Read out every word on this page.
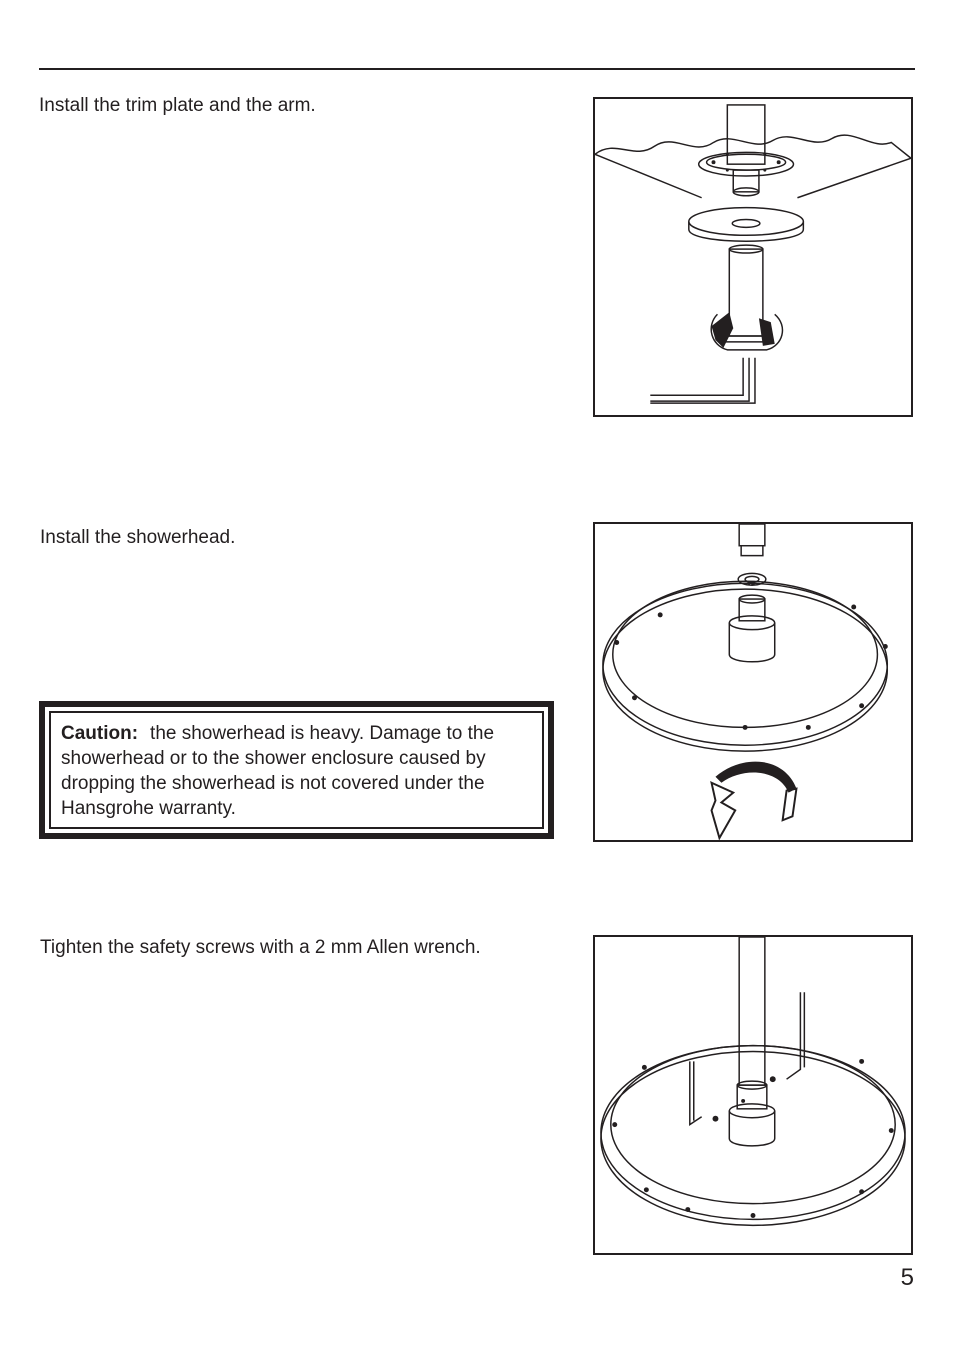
Install the trim plate and the arm.
Install the showerhead.
Caution: the showerhead is heavy. Damage to the showerhead or to the shower enclosure caused by dropping the showerhead is not covered under the Hansgrohe warranty.
Tighten the safety screws with a 2 mm Allen wrench.
5
